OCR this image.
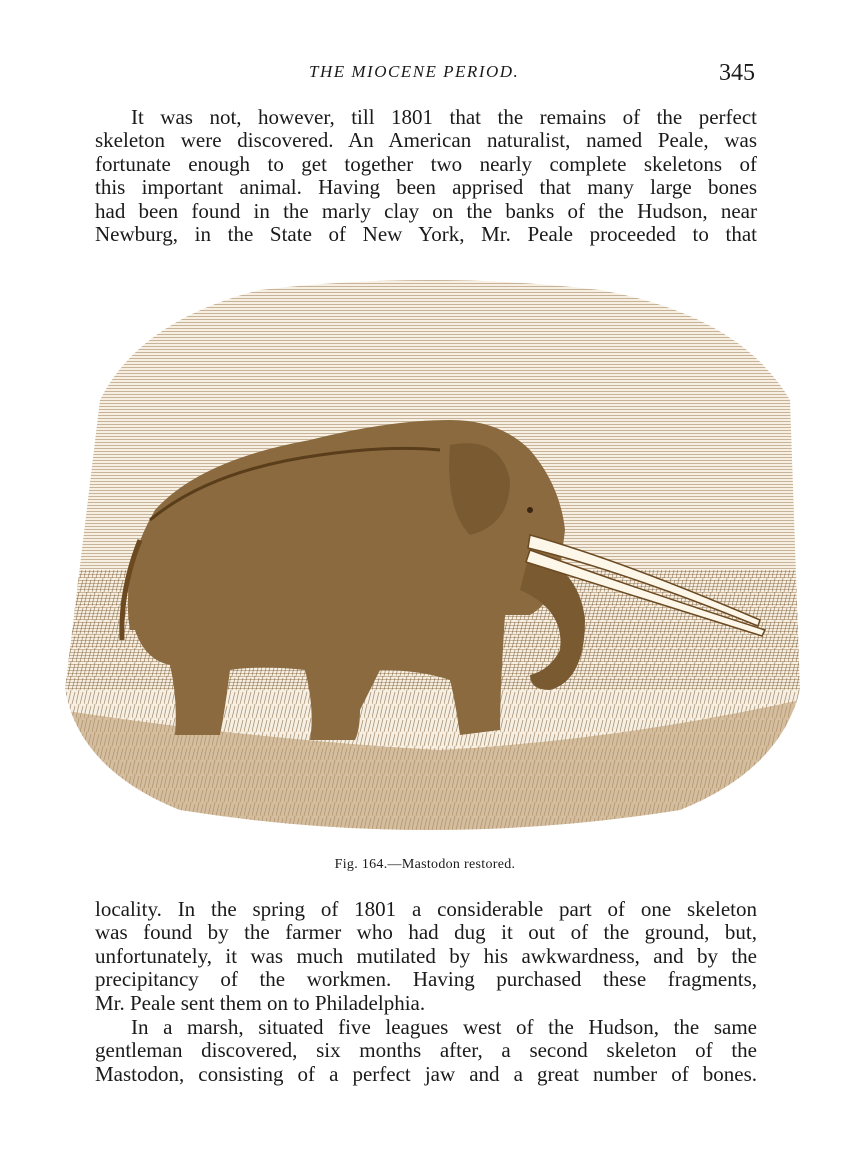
THE MIOCENE PERIOD.	345

It was not, however, till 1801 that the remains of the perfect
skeleton were discovered. An American naturalist, named Peale, was
fortunate enough to get together two nearly complete skeletons of
this important animal. Having been apprised that many large bones
had been found in the marly clay on the banks of the Hudson, near
Newburg, in the State of New York, Mr. Peale proceeded to that

Fig. 164.—Mastodon restored.

locality. In the spring of 1801 a considerable part of one skeleton
was found by the farmer who had dug it out of the ground, but,
unfortunately, it was much mutilated by his awkwardness, and by the
precipitancy of the workmen. Having purchased these fragments,
Mr. Peale sent them on to Philadelphia.

In a marsh, situated five leagues west of the Hudson, the same
gentleman discovered, six months after, a second skeleton of the
Mastodon, consisting of a perfect jaw and a great number of bones.
